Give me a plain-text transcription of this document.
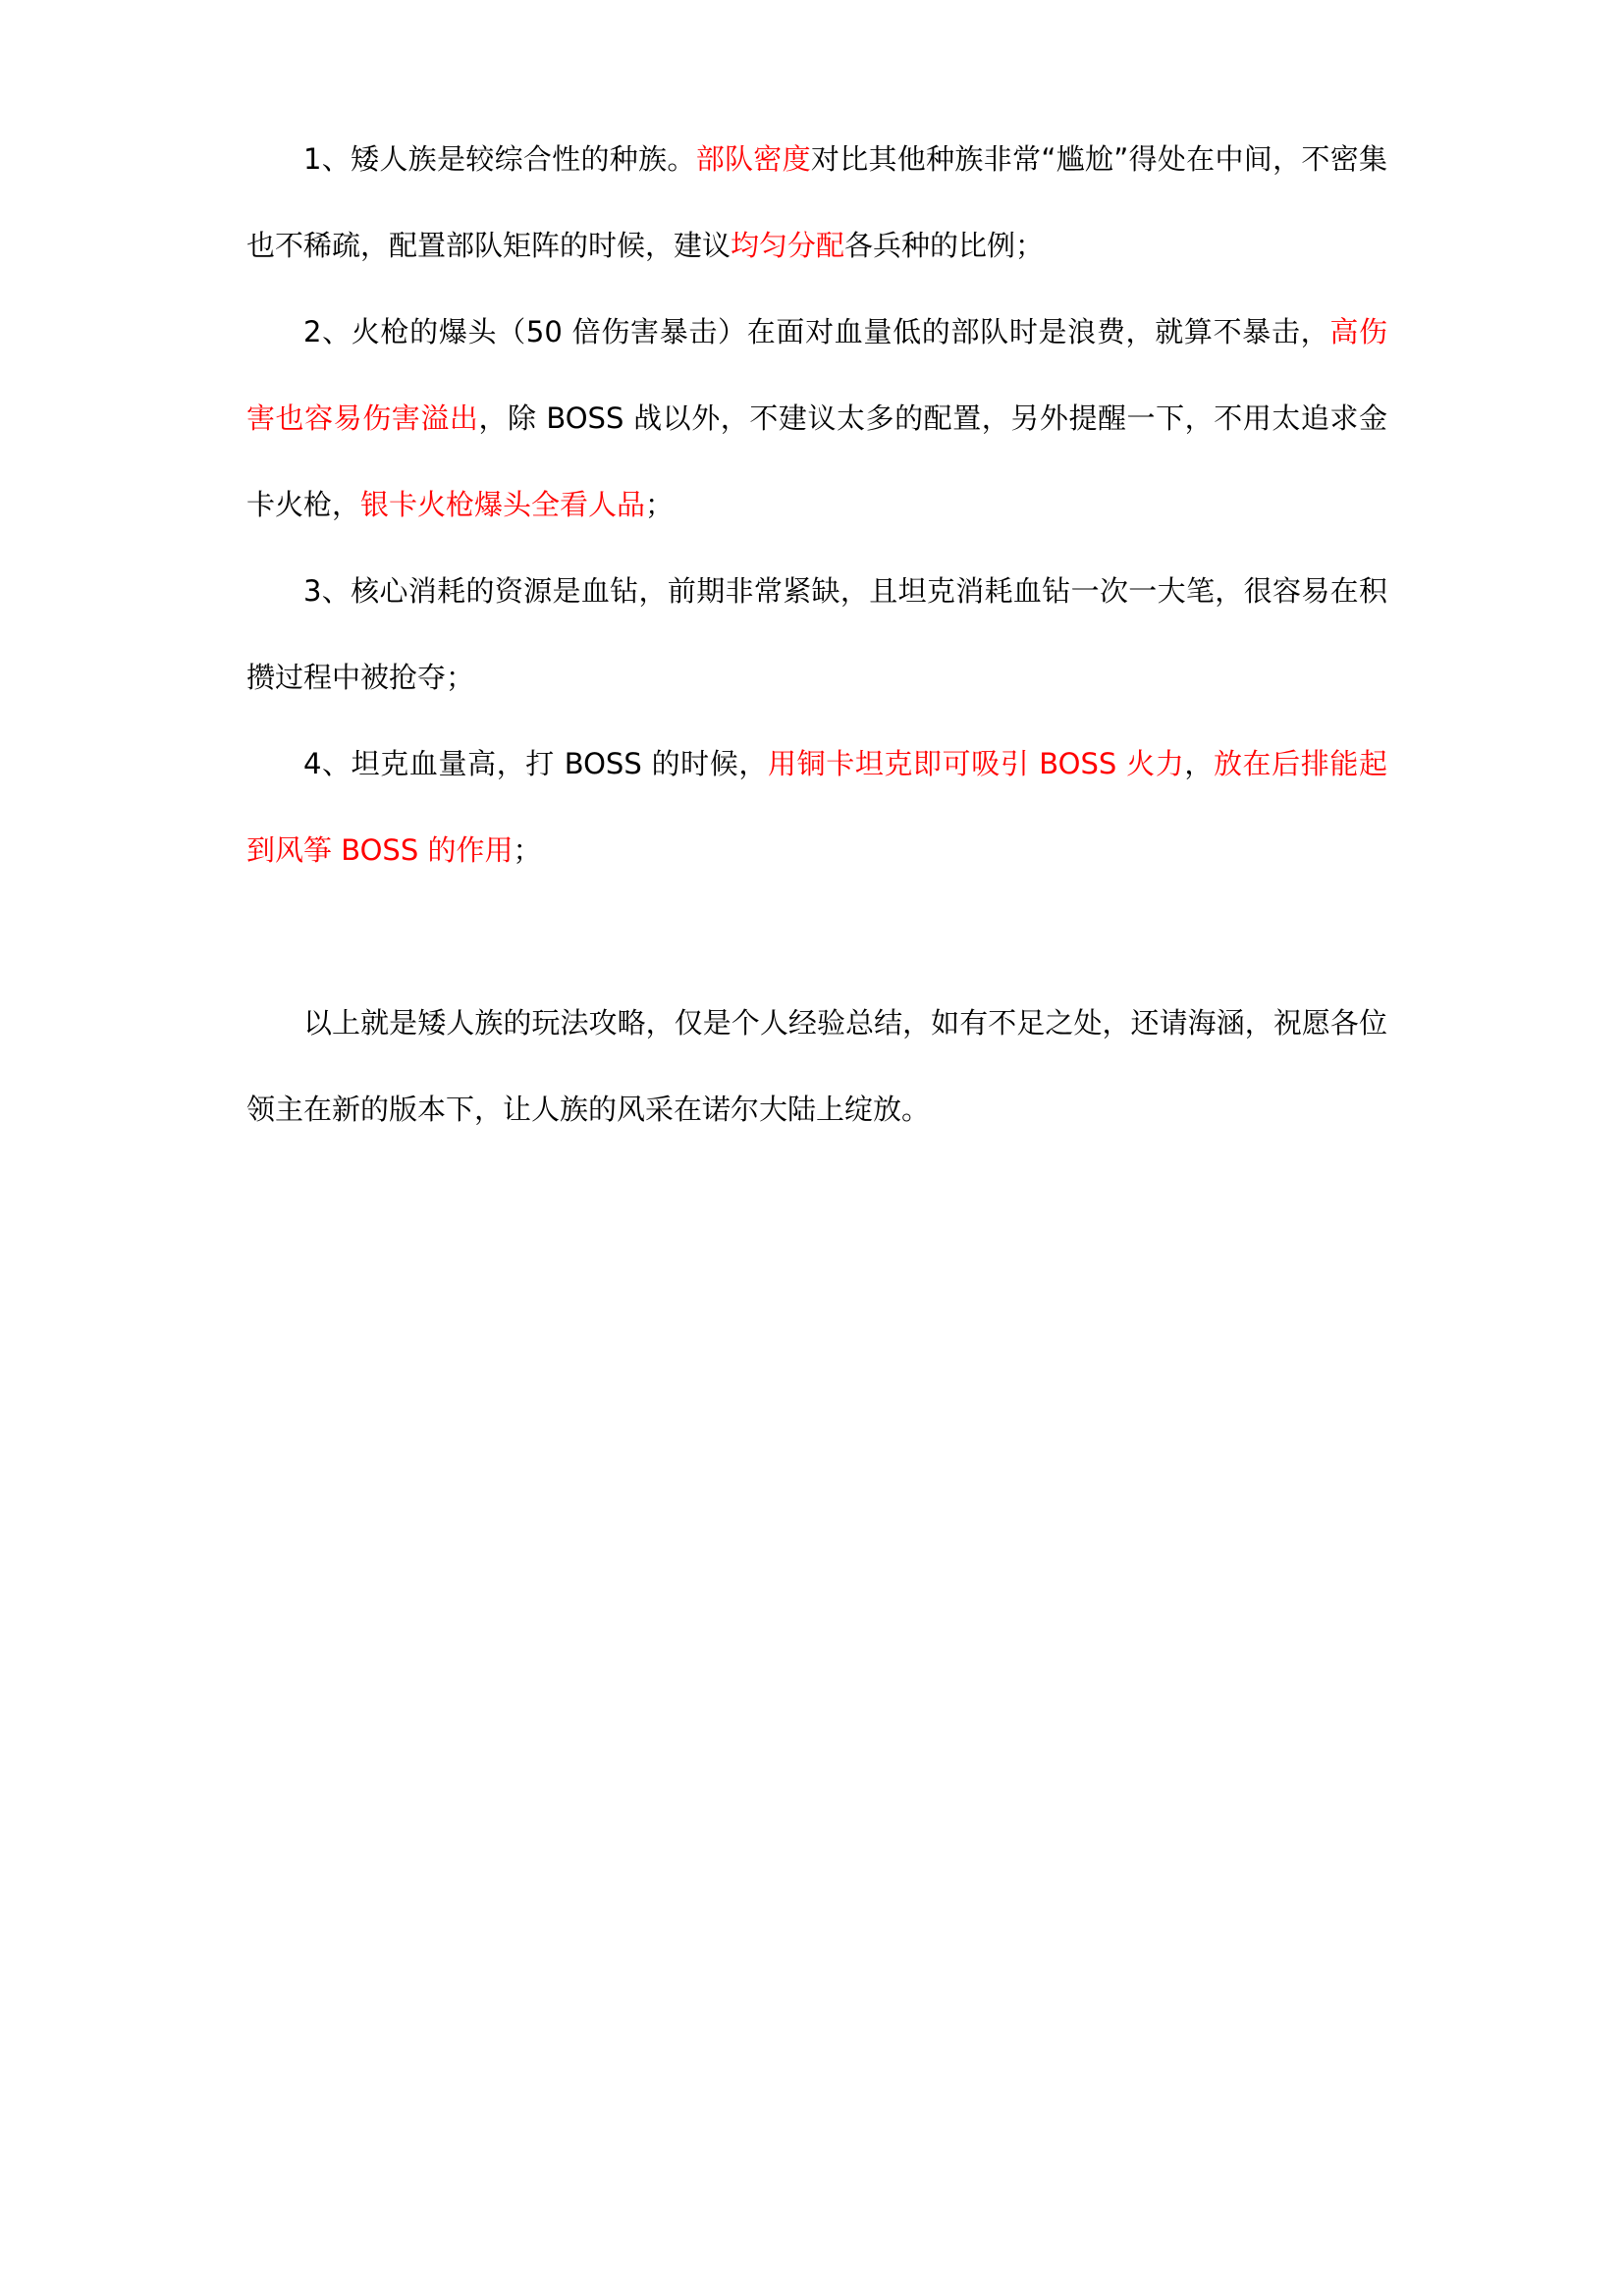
1、矮人族是较综合性的种族。部队密度对比其他种族非常“尴尬”得处在中间，不密集也不稀疏，配置部队矩阵的时候，建议均匀分配各兵种的比例；

2、火枪的爆头（50 倍伤害暴击）在面对血量低的部队时是浪费，就算不暴击，高伤害也容易伤害溢出，除 BOSS 战以外，不建议太多的配置，另外提醒一下，不用太追求金卡火枪，银卡火枪爆头全看人品；

3、核心消耗的资源是血钻，前期非常紧缺，且坦克消耗血钻一次一大笔，很容易在积攒过程中被抢夺；

4、坦克血量高，打 BOSS 的时候，用铜卡坦克即可吸引 BOSS 火力，放在后排能起到风筝 BOSS 的作用；

以上就是矮人族的玩法攻略，仅是个人经验总结，如有不足之处，还请海涵，祝愿各位领主在新的版本下，让人族的风采在诺尔大陆上绽放。
